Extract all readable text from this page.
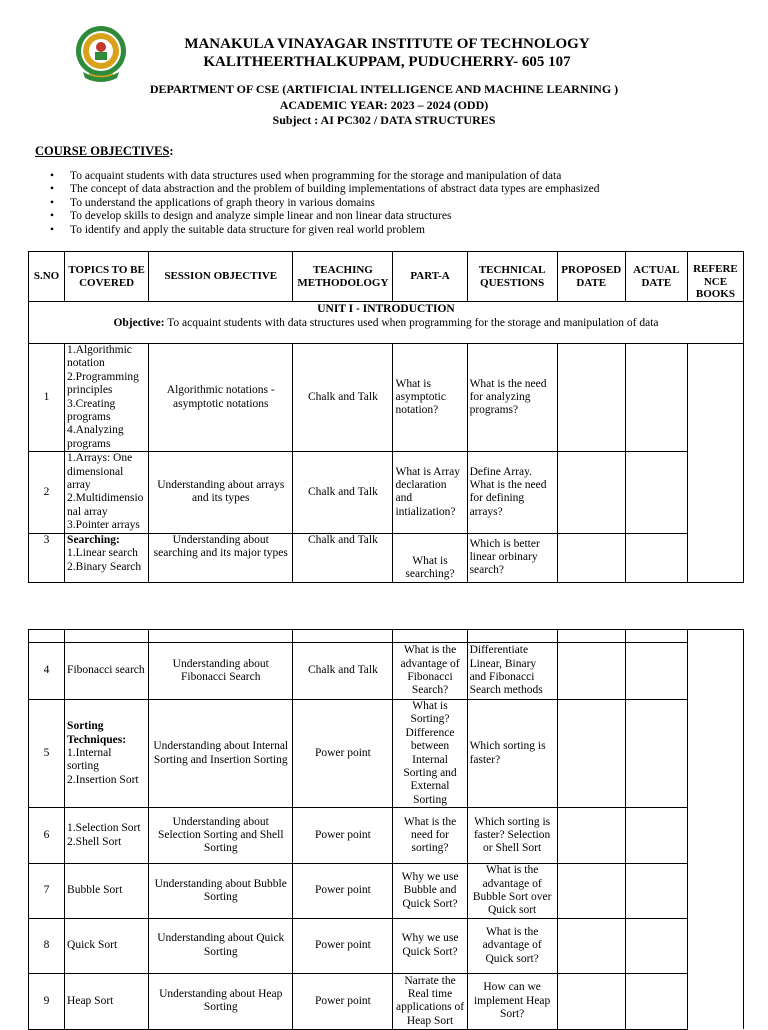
MANAKULA VINAYAGAR INSTITUTE OF TECHNOLOGY
KALITHEERTHALKUPPAM, PUDUCHERRY- 605 107
DEPARTMENT OF CSE (ARTIFICIAL INTELLIGENCE AND MACHINE LEARNING )
ACADEMIC YEAR: 2023 – 2024 (ODD)
Subject : AI PC302 / DATA STRUCTURES
COURSE OBJECTIVES:
• To acquaint students with data structures used when programming for the storage and manipulation of data
• The concept of data abstraction and the problem of building implementations of abstract data types are emphasized
• To understand the applications of graph theory in various domains
• To develop skills to design and analyze simple linear and non linear data structures
• To identify and apply the suitable data structure for given real world problem
S.NO	TOPICS TO BE COVERED	SESSION OBJECTIVE	TEACHING METHODOLOGY	PART-A	TECHNICAL QUESTIONS	PROPOSED DATE	ACTUAL DATE	REFERE NCE BOOKS

UNIT I - INTRODUCTION
Objective: To acquaint students with data structures used when programming for the storage and manipulation of data								

1	1.Algorithmic notation
2.Programming principles
3.Creating programs
4.Analyzing programs	Algorithmic notations - asymptotic notations	Chalk and Talk	What is asymptotic notation?	What is the need for analyzing programs?			
2	1.Arrays: One dimensional array
2.Multidimensio nal array
3.Pointer arrays	Understanding about arrays and its types	Chalk and Talk	What is Array declaration and intialization?	Define Array. What is the need for defining arrays?			
3	Searching:
1.Linear search
2.Binary Search	Understanding about searching and its major types	Chalk and Talk	What is searching?	Which is better linear orbinary search?			

4	Fibonacci search	Understanding about Fibonacci Search	Chalk and Talk	What is the advantage of Fibonacci Search?	Differentiate Linear, Binary and Fibonacci Search methods			
5	Sorting Techniques:
1.Internal sorting
2.Insertion Sort	Understanding about Internal Sorting and Insertion Sorting	Power point	What is Sorting? Difference between Internal Sorting and External Sorting	Which sorting is faster?			
6	1.Selection Sort
2.Shell Sort	Understanding about Selection Sorting and Shell Sorting	Power point	What is the need for sorting?	Which sorting is faster? Selection or Shell Sort			
7	Bubble Sort	Understanding about Bubble Sorting	Power point	Why we use Bubble and Quick Sort?	What is the advantage of Bubble Sort over Quick sort			
8	Quick Sort	Understanding about Quick Sorting	Power point	Why we use Quick Sort?	What is the advantage of Quick sort?			
9	Heap Sort	Understanding about Heap Sorting	Power point	Narrate the Real time applications of Heap Sort	How can we implement Heap Sort?			
